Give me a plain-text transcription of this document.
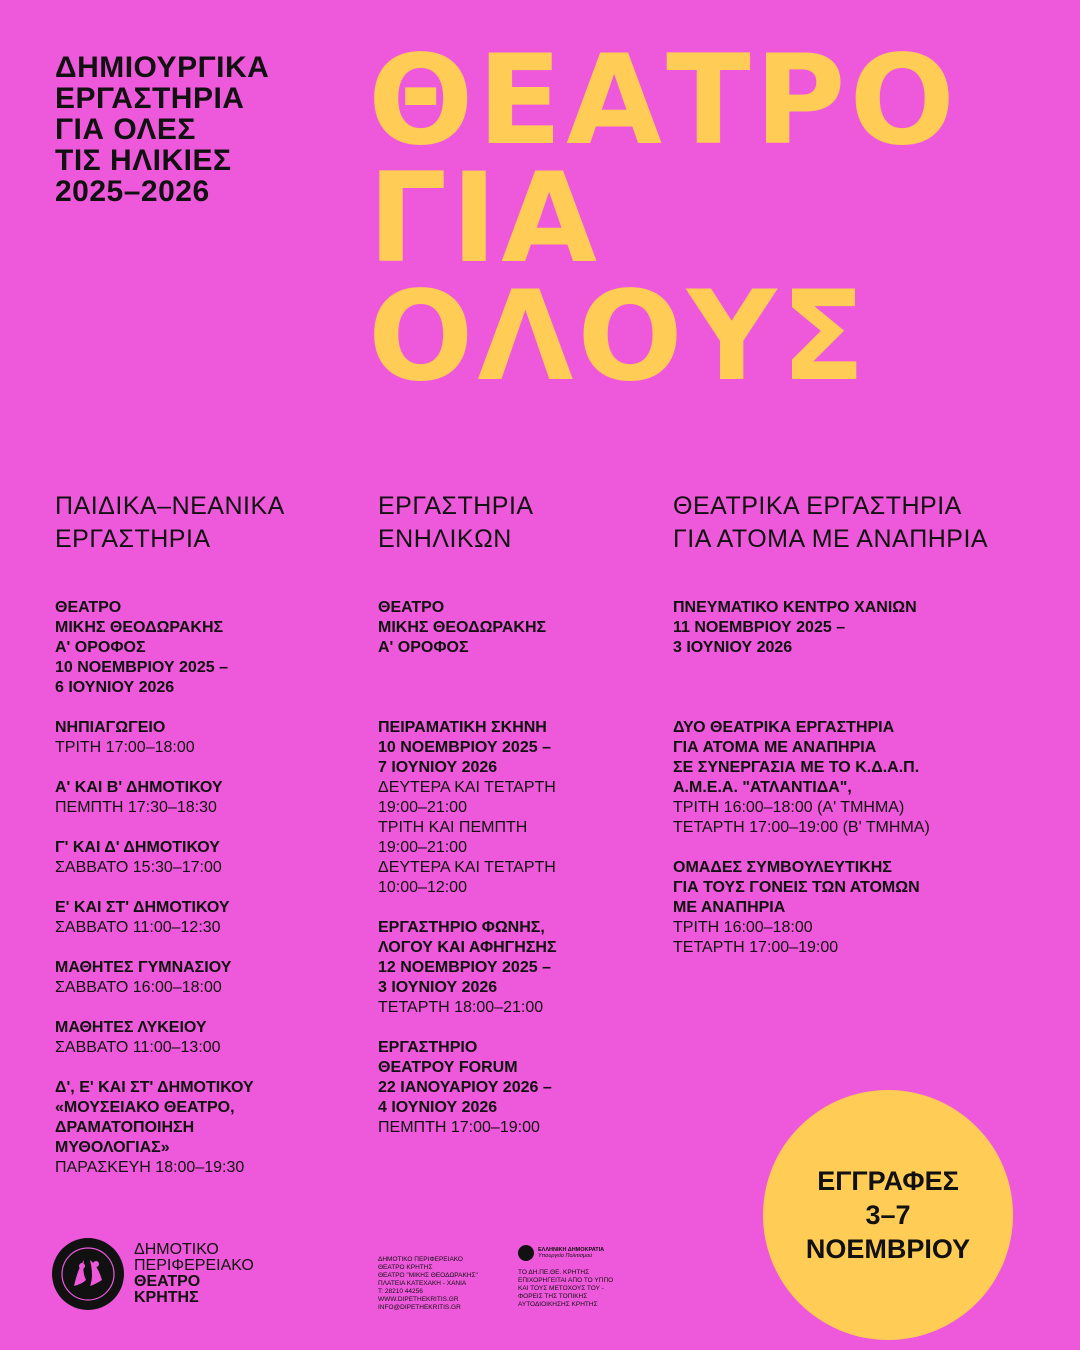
ΔΗΜΙΟΥΡΓΙΚΑ
ΕΡΓΑΣΤΗΡΙΑ
ΓΙΑ ΟΛΕΣ
ΤΙΣ ΗΛΙΚΙΕΣ
2025–2026
ΘΕΑΤΡΟ
ΓΙΑ
ΟΛΟΥΣ
ΠΑΙΔΙΚΑ–ΝΕΑΝΙΚΑ
ΕΡΓΑΣΤΗΡΙΑ
ΘΕΑΤΡΟ
ΜΙΚΗΣ ΘΕΟΔΩΡΑΚΗΣ
Α' ΟΡΟΦΟΣ
10 ΝΟΕΜΒΡΙΟΥ 2025 –
6 ΙΟΥΝΙΟΥ 2026
ΝΗΠΙΑΓΩΓΕΙΟ
ΤΡΙΤΗ 17:00–18:00
Α' ΚΑΙ Β' ΔΗΜΟΤΙΚΟΥ
ΠΕΜΠΤΗ 17:30–18:30
Γ' ΚΑΙ Δ' ΔΗΜΟΤΙΚΟΥ
ΣΑΒΒΑΤΟ 15:30–17:00
Ε' ΚΑΙ ΣΤ' ΔΗΜΟΤΙΚΟΥ
ΣΑΒΒΑΤΟ 11:00–12:30
ΜΑΘΗΤΕΣ ΓΥΜΝΑΣΙΟΥ
ΣΑΒΒΑΤΟ 16:00–18:00
ΜΑΘΗΤΕΣ ΛΥΚΕΙΟΥ
ΣΑΒΒΑΤΟ 11:00–13:00
Δ', Ε' ΚΑΙ ΣΤ' ΔΗΜΟΤΙΚΟΥ
«ΜΟΥΣΕΙΑΚΟ ΘΕΑΤΡΟ,
ΔΡΑΜΑΤΟΠΟΙΗΣΗ
ΜΥΘΟΛΟΓΙΑΣ»
ΠΑΡΑΣΚΕΥΗ 18:00–19:30
ΕΡΓΑΣΤΗΡΙΑ
ΕΝΗΛΙΚΩΝ
ΘΕΑΤΡΟ
ΜΙΚΗΣ ΘΕΟΔΩΡΑΚΗΣ
Α' ΟΡΟΦΟΣ
ΠΕΙΡΑΜΑΤΙΚΗ ΣΚΗΝΗ
10 ΝΟΕΜΒΡΙΟΥ 2025 –
7 ΙΟΥΝΙΟΥ 2026
ΔΕΥΤΕΡΑ ΚΑΙ ΤΕΤΑΡΤΗ
19:00–21:00
ΤΡΙΤΗ ΚΑΙ ΠΕΜΠΤΗ
19:00–21:00
ΔΕΥΤΕΡΑ ΚΑΙ ΤΕΤΑΡΤΗ
10:00–12:00
ΕΡΓΑΣΤΗΡΙΟ ΦΩΝΗΣ,
ΛΟΓΟΥ ΚΑΙ ΑΦΗΓΗΣΗΣ
12 ΝΟΕΜΒΡΙΟΥ 2025 –
3 ΙΟΥΝΙΟΥ 2026
ΤΕΤΑΡΤΗ 18:00–21:00
ΕΡΓΑΣΤΗΡΙΟ
ΘΕΑΤΡΟΥ FORUM
22 ΙΑΝΟΥΑΡΙΟΥ 2026 –
4 ΙΟΥΝΙΟΥ 2026
ΠΕΜΠΤΗ 17:00–19:00
ΘΕΑΤΡΙΚΑ ΕΡΓΑΣΤΗΡΙΑ
ΓΙΑ ΑΤΟΜΑ ΜΕ ΑΝΑΠΗΡΙΑ
ΠΝΕΥΜΑΤΙΚΟ ΚΕΝΤΡΟ ΧΑΝΙΩΝ
11 ΝΟΕΜΒΡΙΟΥ 2025 –
3 ΙΟΥΝΙΟΥ 2026
ΔΥΟ ΘΕΑΤΡΙΚΑ ΕΡΓΑΣΤΗΡΙΑ
ΓΙΑ ΑΤΟΜΑ ΜΕ ΑΝΑΠΗΡΙΑ
ΣΕ ΣΥΝΕΡΓΑΣΙΑ ΜΕ ΤΟ Κ.Δ.Α.Π.
Α.Μ.Ε.Α. "ΑΤΛΑΝΤΙΔΑ",
ΤΡΙΤΗ 16:00–18:00 (Α' ΤΜΗΜΑ)
ΤΕΤΑΡΤΗ 17:00–19:00 (Β' ΤΜΗΜΑ)
ΟΜΑΔΕΣ ΣΥΜΒΟΥΛΕΥΤΙΚΗΣ
ΓΙΑ ΤΟΥΣ ΓΟΝΕΙΣ ΤΩΝ ΑΤΟΜΩΝ
ΜΕ ΑΝΑΠΗΡΙΑ
ΤΡΙΤΗ 16:00–18:00
ΤΕΤΑΡΤΗ 17:00–19:00
ΕΓΓΡΑΦΕΣ
3–7
ΝΟΕΜΒΡΙΟΥ
ΔΗΜΟΤΙΚΟ
ΠΕΡΙΦΕΡΕΙΑΚΟ
ΘΕΑΤΡΟ
ΚΡΗΤΗΣ
ΔΗΜΟΤΙΚΟ ΠΕΡΙΦΕΡΕΙΑΚΟ
ΘΕΑΤΡΟ ΚΡΗΤΗΣ
ΘΕΑΤΡΟ "ΜΙΚΗΣ ΘΕΟΔΩΡΑΚΗΣ"
ΠΛΑΤΕΙΑ ΚΑΤΕΧΑΚΗ - ΧΑΝΙΑ
Τ: 28210 44256
WWW.DIPETHEKRITIS.GR
INFO@DIPETHEKRITIS.GR
ΕΛΛΗΝΙΚΗ ΔΗΜΟΚΡΑΤΙΑ
Υπουργείο Πολιτισμού
ΤΟ ΔΗ.ΠΕ.ΘΕ. ΚΡΗΤΗΣ
ΕΠΙΧΟΡΗΓΕΙΤΑΙ ΑΠΟ ΤΟ ΥΠΠΟ
ΚΑΙ ΤΟΥΣ ΜΕΤΟΧΟΥΣ ΤΟΥ -
ΦΟΡΕΙΣ ΤΗΣ ΤΟΠΙΚΗΣ
ΑΥΤΟΔΙΟΙΚΗΣΗΣ ΚΡΗΤΗΣ
